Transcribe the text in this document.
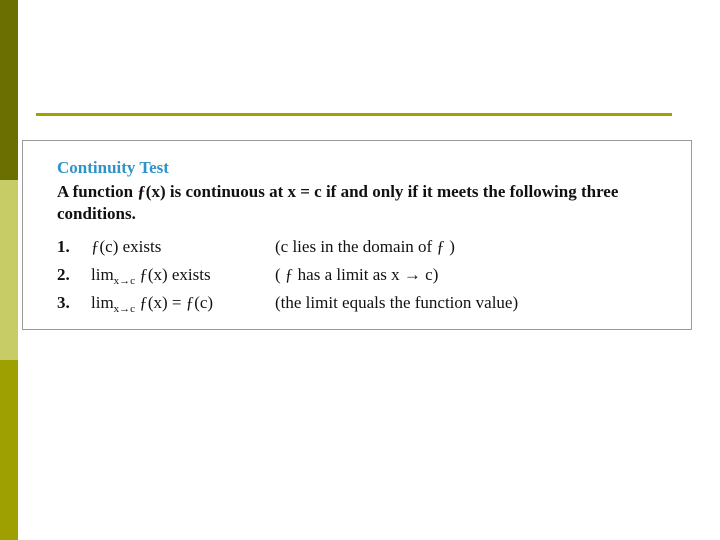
Continuity Test
A function ƒ(x) is continuous at x = c if and only if it meets the following three conditions.
1. ƒ(c) exists	(c lies in the domain of ƒ )
2. $\lim_{x\to c}$ ƒ(x) exists	( ƒ has a limit as x → c)
3. $\lim_{x\to c}$ ƒ(x) = ƒ(c)	(the limit equals the function value)
